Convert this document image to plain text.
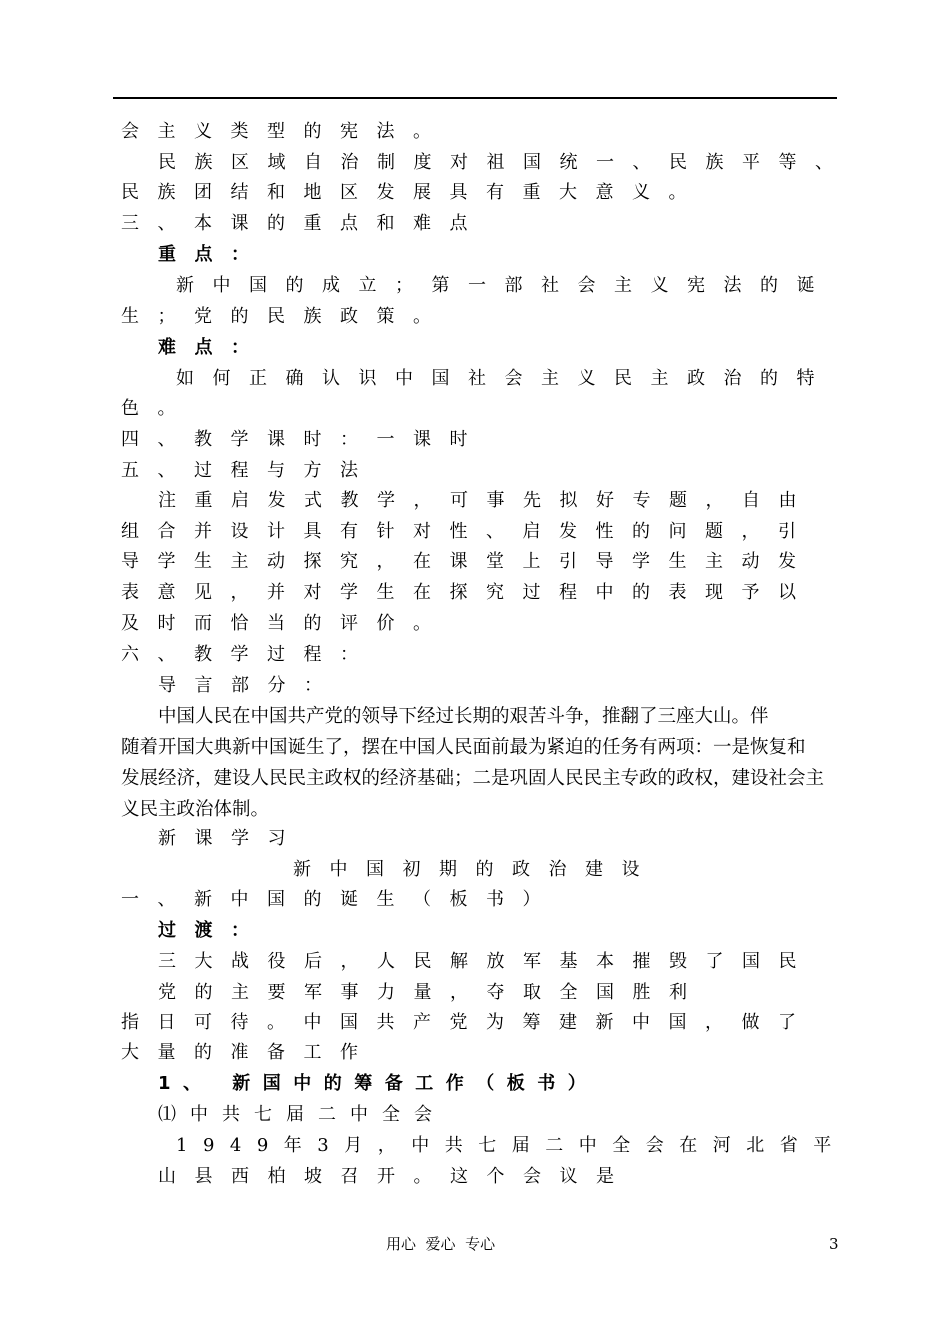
会主义类型的宪法。
民族区域自治制度对祖国统一、民族平等、
民族团结和地区发展具有重大意义。
三、本课的重点和难点
重点：
新中国的成立；第一部社会主义宪法的诞
生；党的民族政策。
难点：
如何正确认识中国社会主义民主政治的特
色。
四、教学课时：一课时
五、过程与方法
注重启发式教学，可事先拟好专题，自由
组合并设计具有针对性、启发性的问题，引
导学生主动探究，在课堂上引导学生主动发
表意见，并对学生在探究过程中的表现予以
及时而恰当的评价。
六、教学过程：
导言部分：
中国人民在中国共产党的领导下经过长期的艰苦斗争，推翻了三座大山。伴
随着开国大典新中国诞生了，摆在中国人民面前最为紧迫的任务有两项：一是恢复和
发展经济，建设人民民主政权的经济基础；二是巩固人民民主专政的政权，建设社会主
义民主政治体制。
新课学习
新中国初期的政治建设
一、新中国的诞生（板书）
过渡：
三大战役后，人民解放军基本摧毁了国民
党的主要军事力量，夺取全国胜利
指日可待。中国共产党为筹建新中国，做了
大量的准备工作
1、 新国中的筹备工作（板书）
⑴中共七届二中全会
1949年3月，中共七届二中全会在河北省平
山县西柏坡召开。这个会议是
用心  爱心  专心	3
